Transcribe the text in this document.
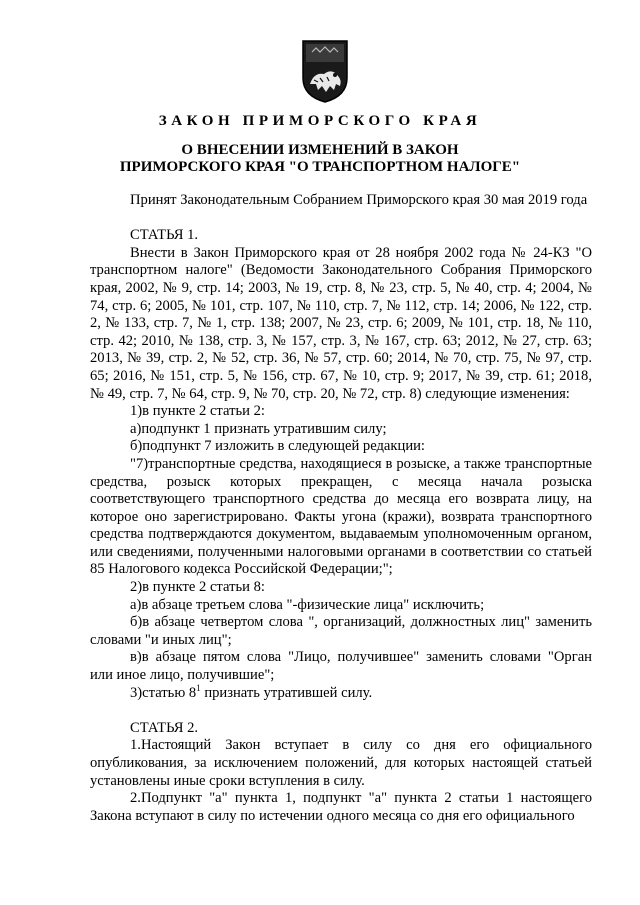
ЗАКОН ПРИМОРСКОГО КРАЯ
О ВНЕСЕНИИ ИЗМЕНЕНИЙ В ЗАКОН
ПРИМОРСКОГО КРАЯ "О ТРАНСПОРТНОМ НАЛОГЕ"

Принят Законодательным Собранием Приморского края 30 мая 2019 года

СТАТЬЯ 1.

Внести в Закон Приморского края от 28 ноября 2002 года № 24-КЗ "О транспортном налоге" (Ведомости Законодательного Собрания Приморского края, 2002, № 9, стр. 14; 2003, № 19, стр. 8, № 23, стр. 5, № 40, стр. 4; 2004, № 74, стр. 6; 2005, № 101, стр. 107, № 110, стр. 7, № 112, стр. 14; 2006, № 122, стр. 2, № 133, стр. 7, № 1, стр. 138; 2007, № 23, стр. 6; 2009, № 101, стр. 18, № 110, стр. 42; 2010, № 138, стр. 3, № 157, стр. 3, № 167, стр. 63; 2012, № 27, стр. 63; 2013, № 39, стр. 2, № 52, стр. 36, № 57, стр. 60; 2014, № 70, стр. 75, № 97, стр. 65; 2016, № 151, стр. 5, № 156, стр. 67, № 10, стр. 9; 2017, № 39, стр. 61; 2018, № 49, стр. 7, № 64, стр. 9, № 70, стр. 20, № 72, стр. 8) следующие изменения:

1)в пункте 2 статьи 2:

а)подпункт 1 признать утратившим силу;

б)подпункт 7 изложить в следующей редакции:

"7)транспортные средства, находящиеся в розыске, а также транспортные средства, розыск которых прекращен, с месяца начала розыска соответствующего транспортного средства до месяца его возврата лицу, на которое оно зарегистрировано. Факты угона (кражи), возврата транспортного средства подтверждаются документом, выдаваемым уполномоченным органом, или сведениями, полученными налоговыми органами в соответствии со статьей 85 Налогового кодекса Российской Федерации;";

2)в пункте 2 статьи 8:

а)в абзаце третьем слова "-физические лица" исключить;

б)в абзаце четвертом слова ", организаций, должностных лиц" заменить словами "и иных лиц";

в)в абзаце пятом слова "Лицо, получившее" заменить словами "Орган или иное лицо, получившие";

3)статью $8^1$ признать утратившей силу.

СТАТЬЯ 2.

1.Настоящий Закон вступает в силу со дня его официального опубликования, за исключением положений, для которых настоящей статьей установлены иные сроки вступления в силу.

2.Подпункт "а" пункта 1, подпункт "а" пункта 2 статьи 1 настоящего Закона вступают в силу по истечении одного месяца со дня его официального
